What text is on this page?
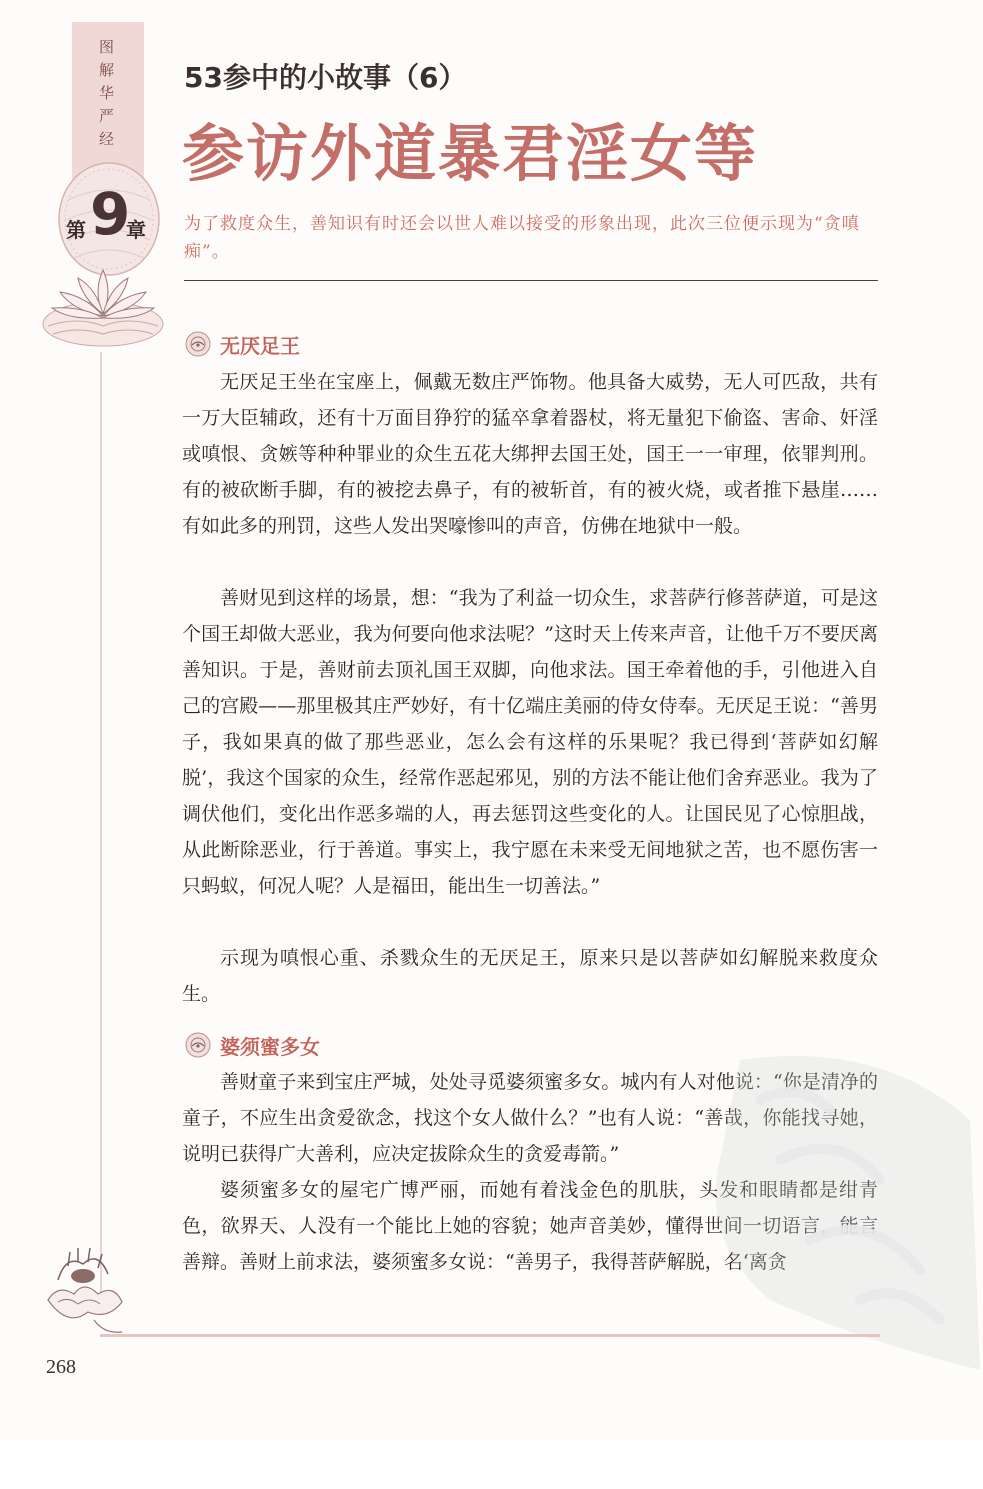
图
解
华
严
经
第 9
章
53参中的小故事（6）
参访外道暴君淫女等
为了救度众生，善知识有时还会以世人难以接受的形象出现，此次三位便示现为“贪嗔痴”。
无厌足王

无厌足王坐在宝座上，佩戴无数庄严饰物。他具备大威势，无人可匹敌，共有一万大臣辅政，还有十万面目狰狞的猛卒拿着器杖，将无量犯下偷盗、害命、奸淫或嗔恨、贪嫉等种种罪业的众生五花大绑押去国王处，国王一一审理，依罪判刑。有的被砍断手脚，有的被挖去鼻子，有的被斩首，有的被火烧，或者推下悬崖……有如此多的刑罚，这些人发出哭嚎惨叫的声音，仿佛在地狱中一般。

善财见到这样的场景，想：“我为了利益一切众生，求菩萨行修菩萨道，可是这个国王却做大恶业，我为何要向他求法呢？”这时天上传来声音，让他千万不要厌离善知识。于是，善财前去顶礼国王双脚，向他求法。国王牵着他的手，引他进入自己的宫殿——那里极其庄严妙好，有十亿端庄美丽的侍女侍奉。无厌足王说：“善男子，我如果真的做了那些恶业，怎么会有这样的乐果呢？我已得到‘菩萨如幻解脱’，我这个国家的众生，经常作恶起邪见，别的方法不能让他们舍弃恶业。我为了调伏他们，变化出作恶多端的人，再去惩罚这些变化的人。让国民见了心惊胆战，从此断除恶业，行于善道。事实上，我宁愿在未来受无间地狱之苦，也不愿伤害一只蚂蚁，何况人呢？人是福田，能出生一切善法。”

示现为嗔恨心重、杀戮众生的无厌足王，原来只是以菩萨如幻解脱来救度众生。

婆须蜜多女

善财童子来到宝庄严城，处处寻觅婆须蜜多女。城内有人对他说：“你是清净的童子，不应生出贪爱欲念，找这个女人做什么？”也有人说：“善哉，你能找寻她，说明已获得广大善利，应决定拔除众生的贪爱毒箭。”

婆须蜜多女的屋宅广博严丽，而她有着浅金色的肌肤，头发和眼睛都是绀青色，欲界天、人没有一个能比上她的容貌；她声音美妙，懂得世间一切语言，能言善辩。善财上前求法，婆须蜜多女说：“善男子，我得菩萨解脱，名‘离贪

268
